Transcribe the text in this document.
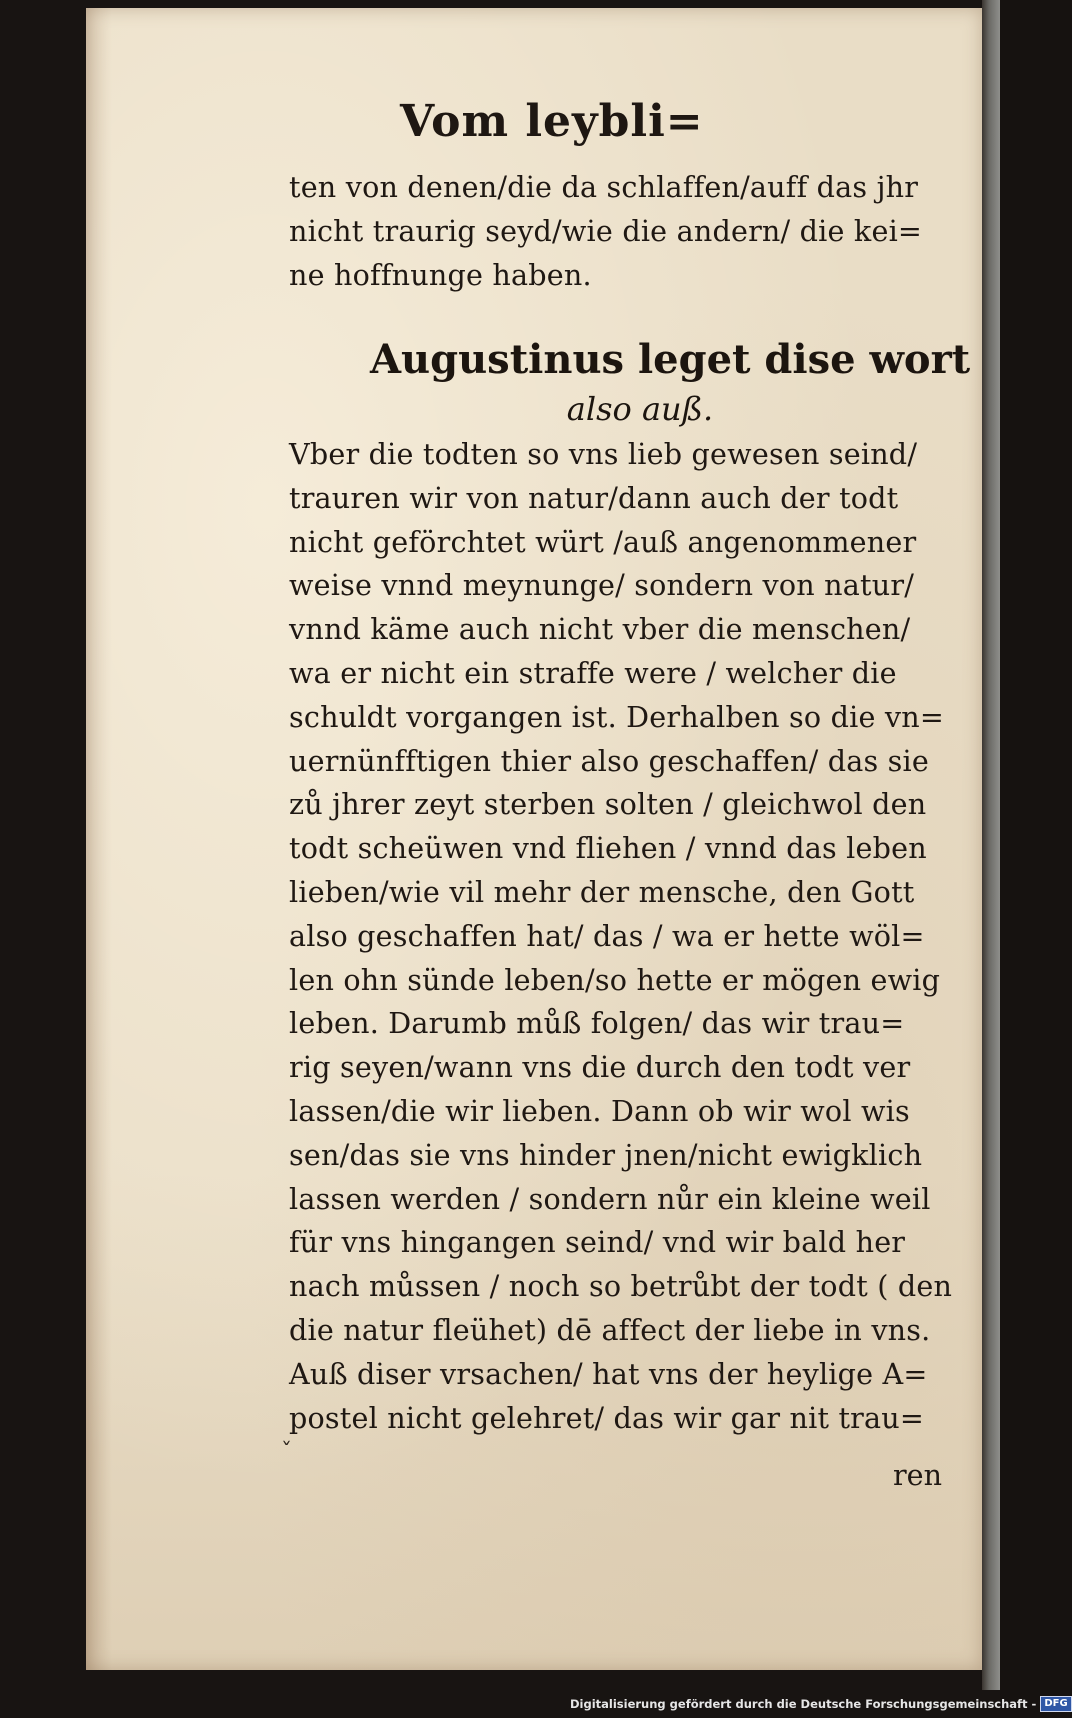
Vom leybli=
ten von denen/die da schlaffen/auff das jhr
nicht traurig seyd/wie die andern/ die kei=
ne hoffnunge haben.
Augustinus leget dise wort
also auß.
Vber die todten so vns lieb gewesen seind/
trauren wir von natur/dann auch der todt
nicht geförchtet würt /auß angenommener
weise vnnd meynunge/ sondern von natur/
vnnd käme auch nicht vber die menschen/
wa er nicht ein straffe were / welcher die
schuldt vorgangen ist. Derhalben so die vn=
uernünfftigen thier also geschaffen/ das sie
zů jhrer zeyt sterben solten / gleichwol den
todt scheüwen vnd fliehen / vnnd das leben
lieben/wie vil mehr der mensche, den Gott
also geschaffen hat/ das / wa er hette wöl=
len ohn sünde leben/so hette er mögen ewig
leben. Darumb můß folgen/ das wir trau=
rig seyen/wann vns die durch den todt ver
lassen/die wir lieben. Dann ob wir wol wis
sen/das sie vns hinder jnen/nicht ewigklich
lassen werden / sondern nůr ein kleine weil
für vns hingangen seind/ vnd wir bald her
nach můssen / noch so betrůbt der todt ( den
die natur fleühet) dē affect der liebe in vns.
Auß diser vrsachen/ hat vns der heylige A=
postel nicht gelehret/ das wir gar nit trau=
ˇ
ren
Digitalisierung gefördert durch die Deutsche Forschungsgemeinschaft - DFG
